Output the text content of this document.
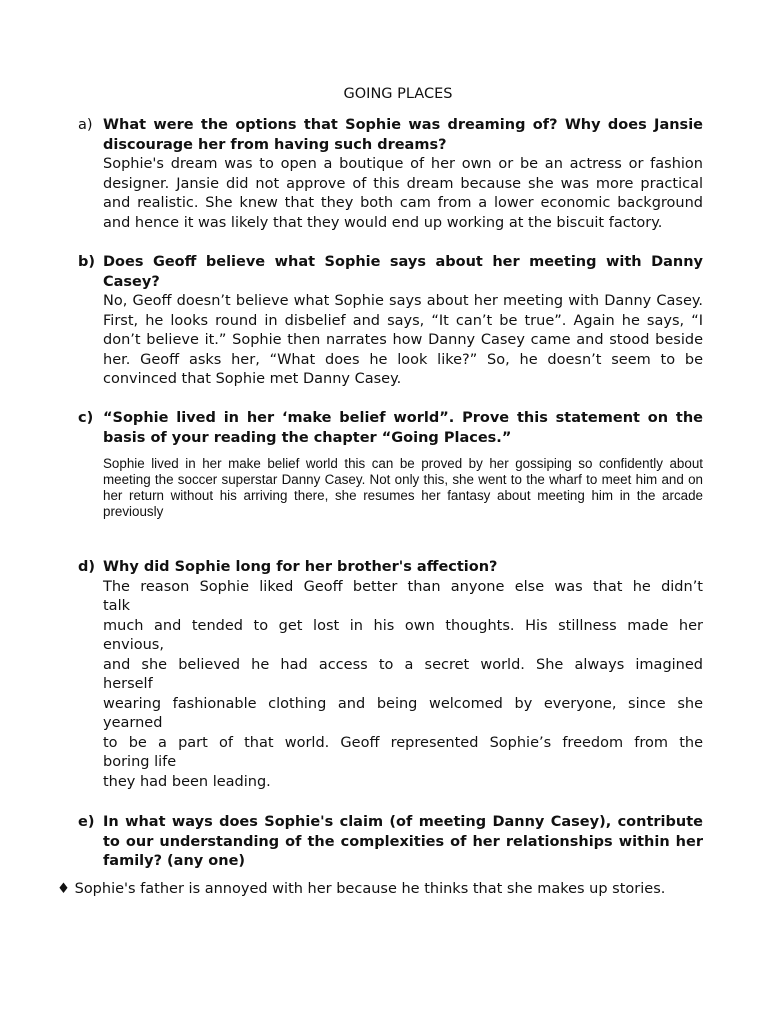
GOING PLACES
a) What were the options that Sophie was dreaming of? Why does Jansie discourage her from having such dreams?
Sophie's dream was to open a boutique of her own or be an actress or fashion designer. Jansie did not approve of this dream because she was more practical and realistic. She knew that they both cam from a lower economic background and hence it was likely that they would end up working at the biscuit factory.
b) Does Geoff believe what Sophie says about her meeting with Danny Casey?
No, Geoff doesn’t believe what Sophie says about her meeting with Danny Casey. First, he looks round in disbelief and says, “It can’t be true”. Again he says, “I don’t believe it.” Sophie then narrates how Danny Casey came and stood beside her. Geoff asks her, “What does he look like?” So, he doesn’t seem to be convinced that Sophie met Danny Casey.
c) “Sophie lived in her ‘make belief world”. Prove this statement on the basis of your reading the chapter “Going Places.”
Sophie lived in her make belief world this can be proved by her gossiping so confidently about meeting the soccer superstar Danny Casey. Not only this, she went to the wharf to meet him and on her return without his arriving there, she resumes her fantasy about meeting him in the arcade previously
d) Why did Sophie long for her brother's affection?
The reason Sophie liked Geoff better than anyone else was that he didn’t
talk
much and tended to get lost in his own thoughts. His stillness made her
envious,
and she believed he had access to a secret world. She always imagined
herself
wearing fashionable clothing and being welcomed by everyone, since she
yearned
to be a part of that world. Geoff represented Sophie’s freedom from the
boring life
they had been leading.
e) In what ways does Sophie's claim (of meeting Danny Casey), contribute to our understanding of the complexities of her relationships within her family? (any one)
♦ Sophie's father is annoyed with her because he thinks that she makes up stories.
